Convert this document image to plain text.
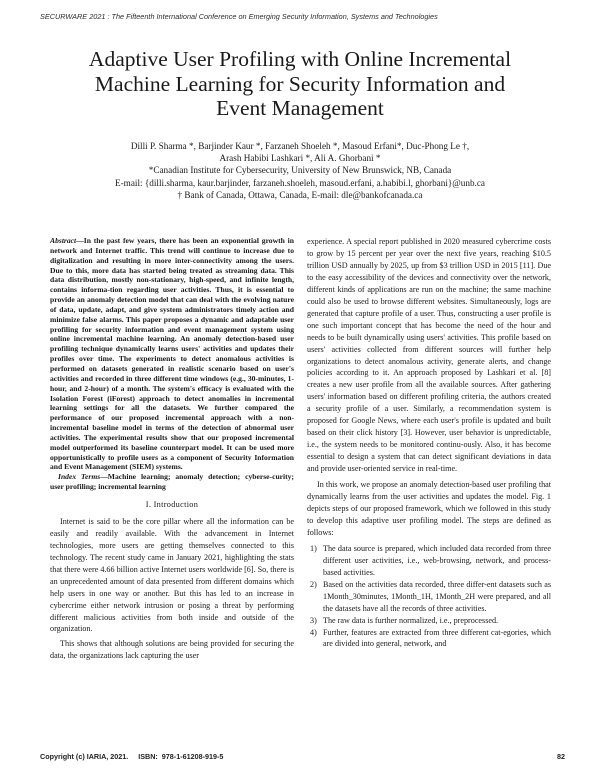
SECURWARE 2021 : The Fifteenth International Conference on Emerging Security Information, Systems and Technologies
Adaptive User Profiling with Online Incremental
Machine Learning for Security Information and
Event Management
Dilli P. Sharma *, Barjinder Kaur *, Farzaneh Shoeleh *, Masoud Erfani*, Duc-Phong Le †,
Arash Habibi Lashkari *, Ali A. Ghorbani *
*Canadian Institute for Cybersecurity, University of New Brunswick, NB, Canada
E-mail: {dilli.sharma, kaur.barjinder, farzaneh.shoeleh, masoud.erfani, a.habibi.l, ghorbani}@unb.ca
† Bank of Canada, Ottawa, Canada, E-mail: dle@bankofcanada.ca

Abstract—In the past few years, there has been an exponential growth in network and Internet traffic. This trend will continue to increase due to digitalization and resulting in more inter-connectivity among the users. Due to this, more data has started being treated as streaming data. This data distribution, mostly non-stationary, high-speed, and infinite length, contains informa-tion regarding user activities. Thus, it is essential to provide an anomaly detection model that can deal with the evolving nature of data, update, adapt, and give system administrators timely action and minimize false alarms. This paper proposes a dynamic and adaptable user profiling for security information and event management system using online incremental machine learning. An anomaly detection-based user profiling technique dynamically learns users' activities and updates their profiles over time. The experiments to detect anomalous activities is performed on datasets generated in realistic scenario based on user's activities and recorded in three different time windows (e.g., 30-minutes, 1-hour, and 2-hour) of a month. The system's efficacy is evaluated with the Isolation Forest (iForest) approach to detect anomalies in incremental learning settings for all the datasets. We further compared the performance of our proposed incremental approach with a non-incremental baseline model in terms of the detection of abnormal user activities. The experimental results show that our proposed incremental model outperformed its baseline counterpart model. It can be used more opportunistically to profile users as a component of Security Information and Event Management (SIEM) systems.

Index Terms—Machine learning; anomaly detection; cyberse-curity; user profiling; incremental learning

I. Introduction

Internet is said to be the core pillar where all the information can be easily and readily available. With the advancement in Internet technologies, more users are getting themselves connected to this technology. The recent study came in January 2021, highlighting the stats that there were 4.66 billion active Internet users worldwide [6]. So, there is an unprecedented amount of data presented from different domains which help users in one way or another. But this has led to an increase in cybercrime either network intrusion or posing a threat by performing different malicious activities from both inside and outside of the organization.

This shows that although solutions are being provided for securing the data, the organizations lack capturing the user

experience. A special report published in 2020 measured cybercrime costs to grow by 15 percent per year over the next five years, reaching $10.5 trillion USD annually by 2025, up from $3 trillion USD in 2015 [11]. Due to the easy accessibility of the devices and connectivity over the network, different kinds of applications are run on the machine; the same machine could also be used to browse different websites. Simultaneously, logs are generated that capture profile of a user. Thus, constructing a user profile is one such important concept that has become the need of the hour and needs to be built dynamically using users' activities. This profile based on users' activities collected from different sources will further help organizations to detect anomalous activity, generate alerts, and change policies according to it. An approach proposed by Lashkari et al. [8] creates a new user profile from all the available sources. After gathering users' information based on different profiling criteria, the authors created a security profile of a user. Similarly, a recommendation system is proposed for Google News, where each user's profile is updated and built based on their click history [3]. However, user behavior is unpredictable, i.e., the system needs to be monitored continu-ously. Also, it has become essential to design a system that can detect significant deviations in data and provide user-oriented service in real-time.

In this work, we propose an anomaly detection-based user profiling that dynamically learns from the user activities and updates the model. Fig. 1 depicts steps of our proposed framework, which we followed in this study to develop this adaptive user profiling model. The steps are defined as follows:

1) The data source is prepared, which included data recorded from three different user activities, i.e., web-browsing, network, and process-based activities.
2) Based on the activities data recorded, three differ-ent datasets such as 1Month_30minutes, 1Month_1H, 1Month_2H were prepared, and all the datasets have all the records of three activities.
3) The raw data is further normalized, i.e., preprocessed.
4) Further, features are extracted from three different cat-egories, which are divided into general, network, and
Copyright (c) IARIA, 2021.     ISBN:  978-1-61208-919-5	82
